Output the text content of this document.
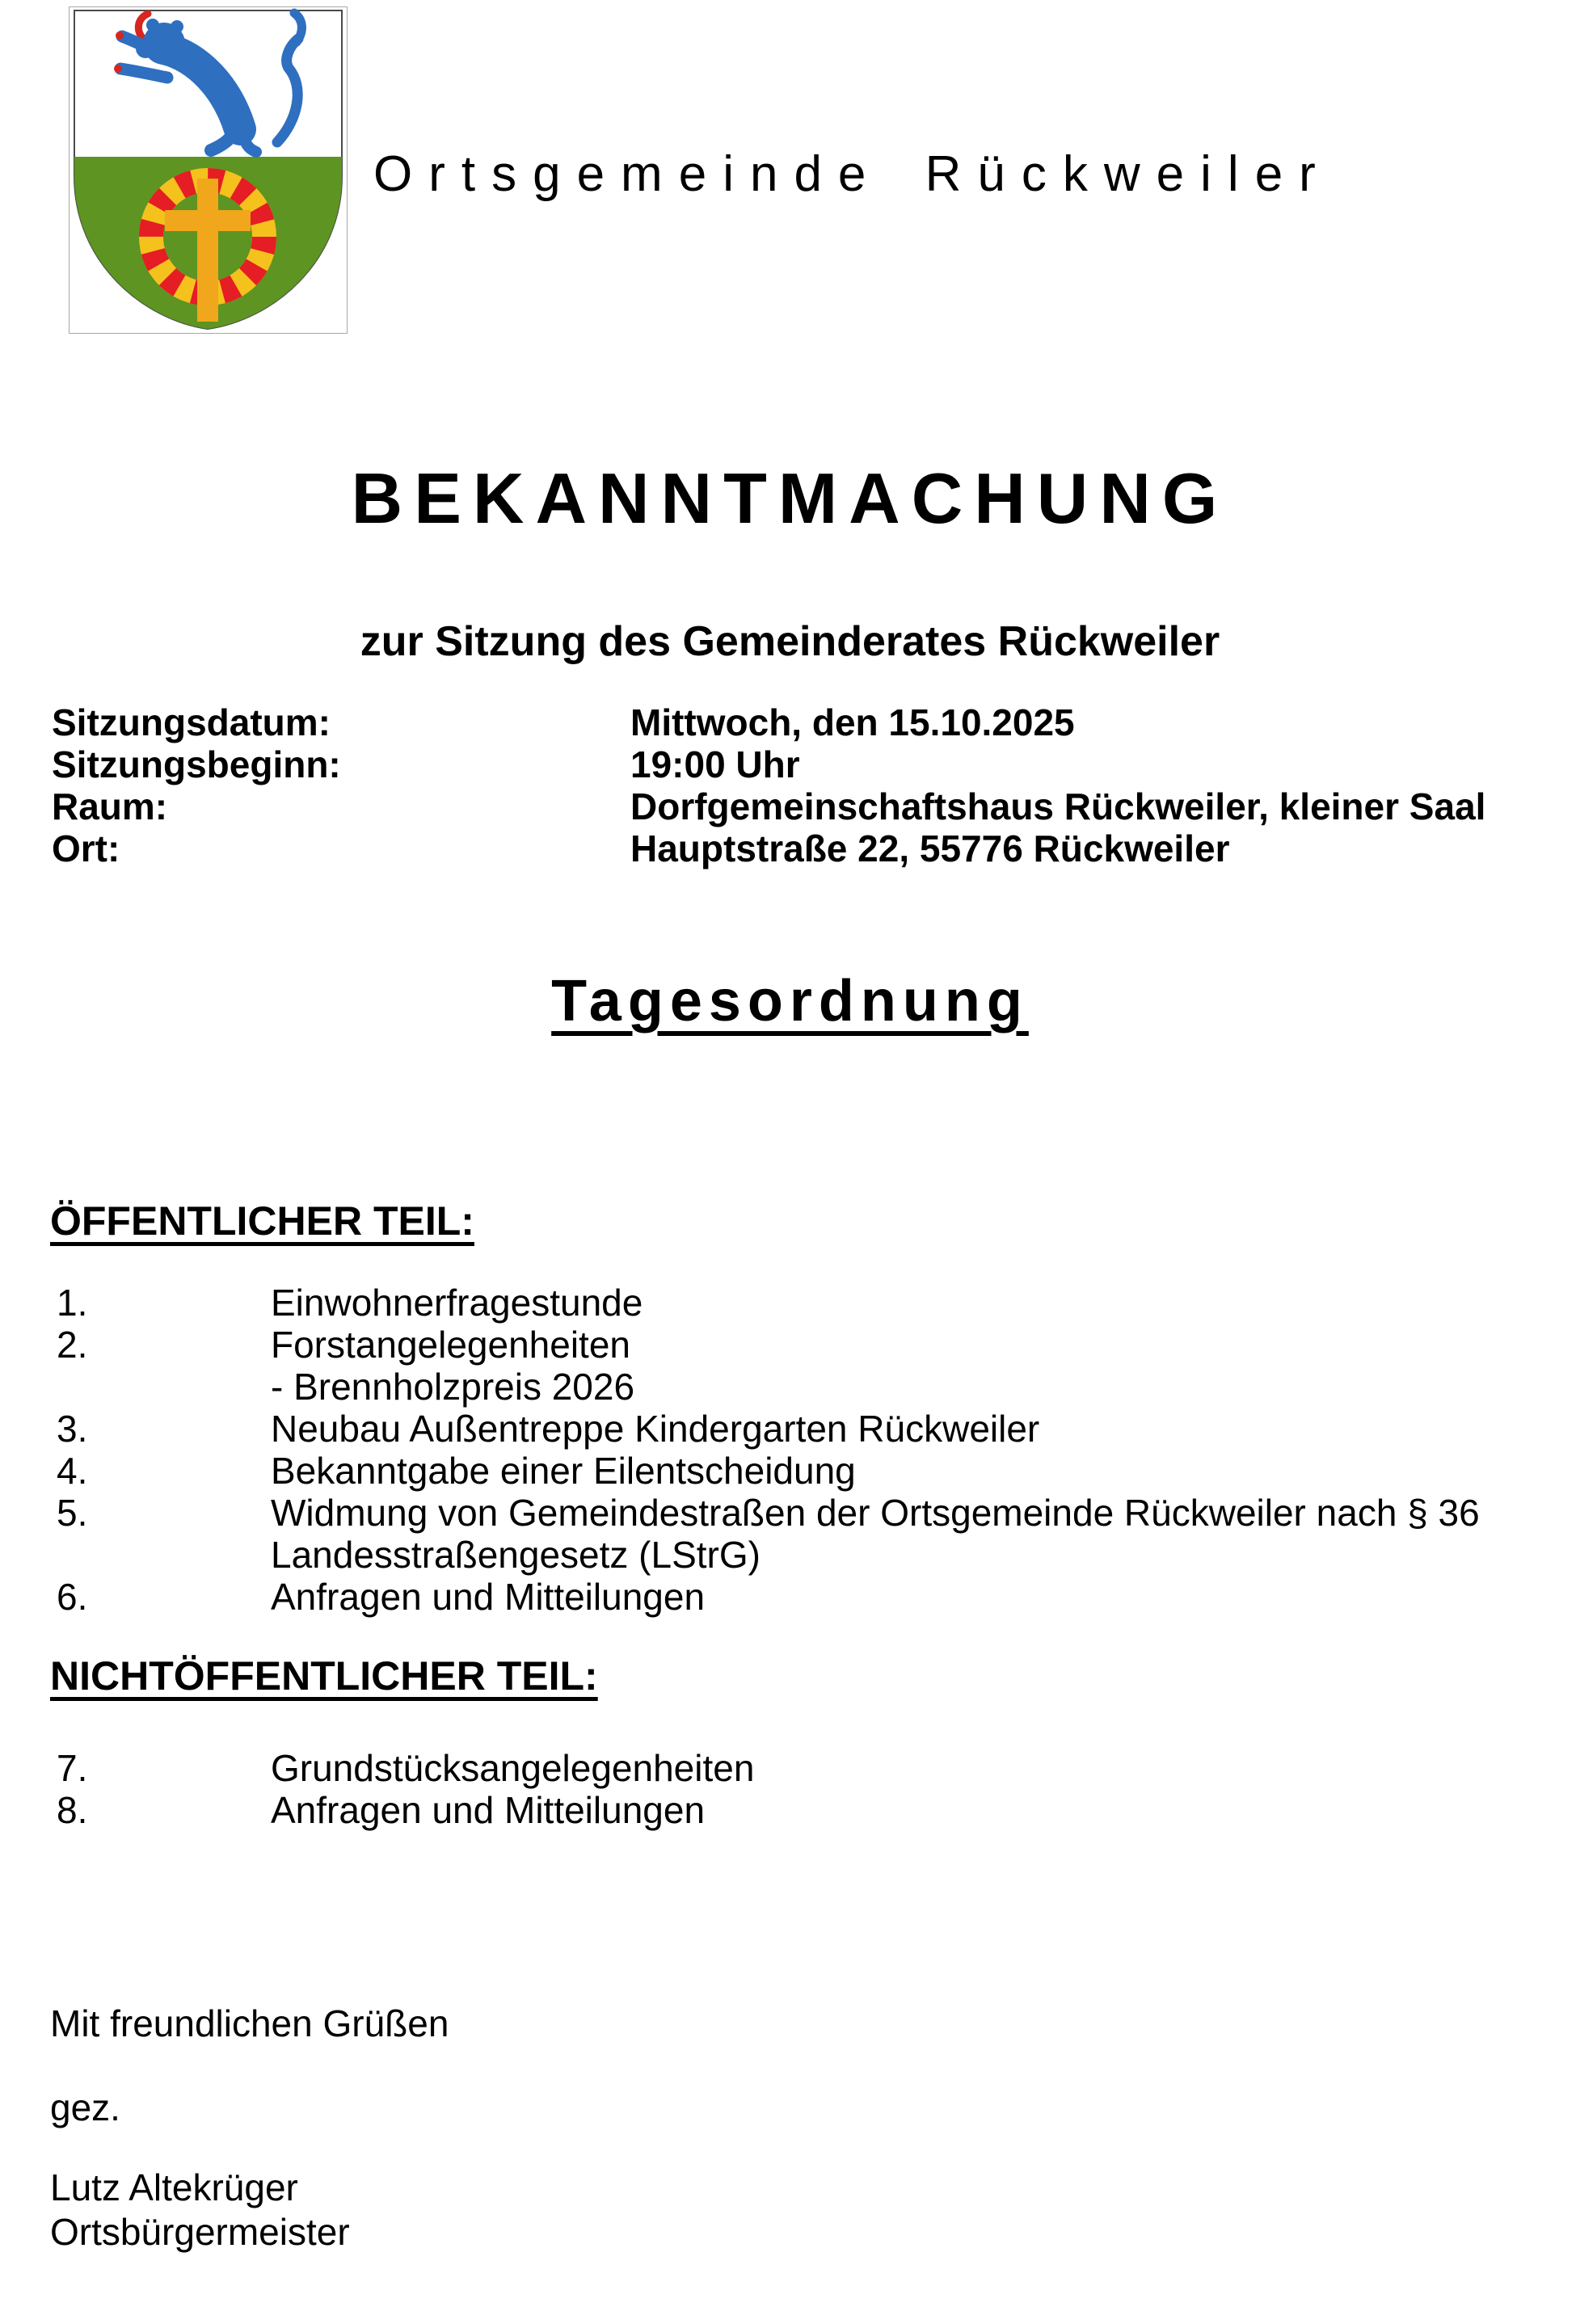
Ortsgemeinde Rückweiler
BEKANNTMACHUNG
zur Sitzung des Gemeinderates Rückweiler
Sitzungsdatum:	Mittwoch, den 15.10.2025
Sitzungsbeginn:	19:00 Uhr
Raum:	Dorfgemeinschaftshaus Rückweiler, kleiner Saal
Ort:	Hauptstraße 22, 55776 Rückweiler
Tagesordnung
ÖFFENTLICHER TEIL:
1.	Einwohnerfragestunde
2.	Forstangelegenheiten
- Brennholzpreis 2026
3.	Neubau Außentreppe Kindergarten Rückweiler
4.	Bekanntgabe einer Eilentscheidung
5.	Widmung von Gemeindestraßen der Ortsgemeinde Rückweiler nach § 36
Landesstraßengesetz (LStrG)
6.	Anfragen und Mitteilungen
NICHTÖFFENTLICHER TEIL:
7.	Grundstücksangelegenheiten
8.	Anfragen und Mitteilungen
Mit freundlichen Grüßen
gez.
Lutz Altekrüger
Ortsbürgermeister
